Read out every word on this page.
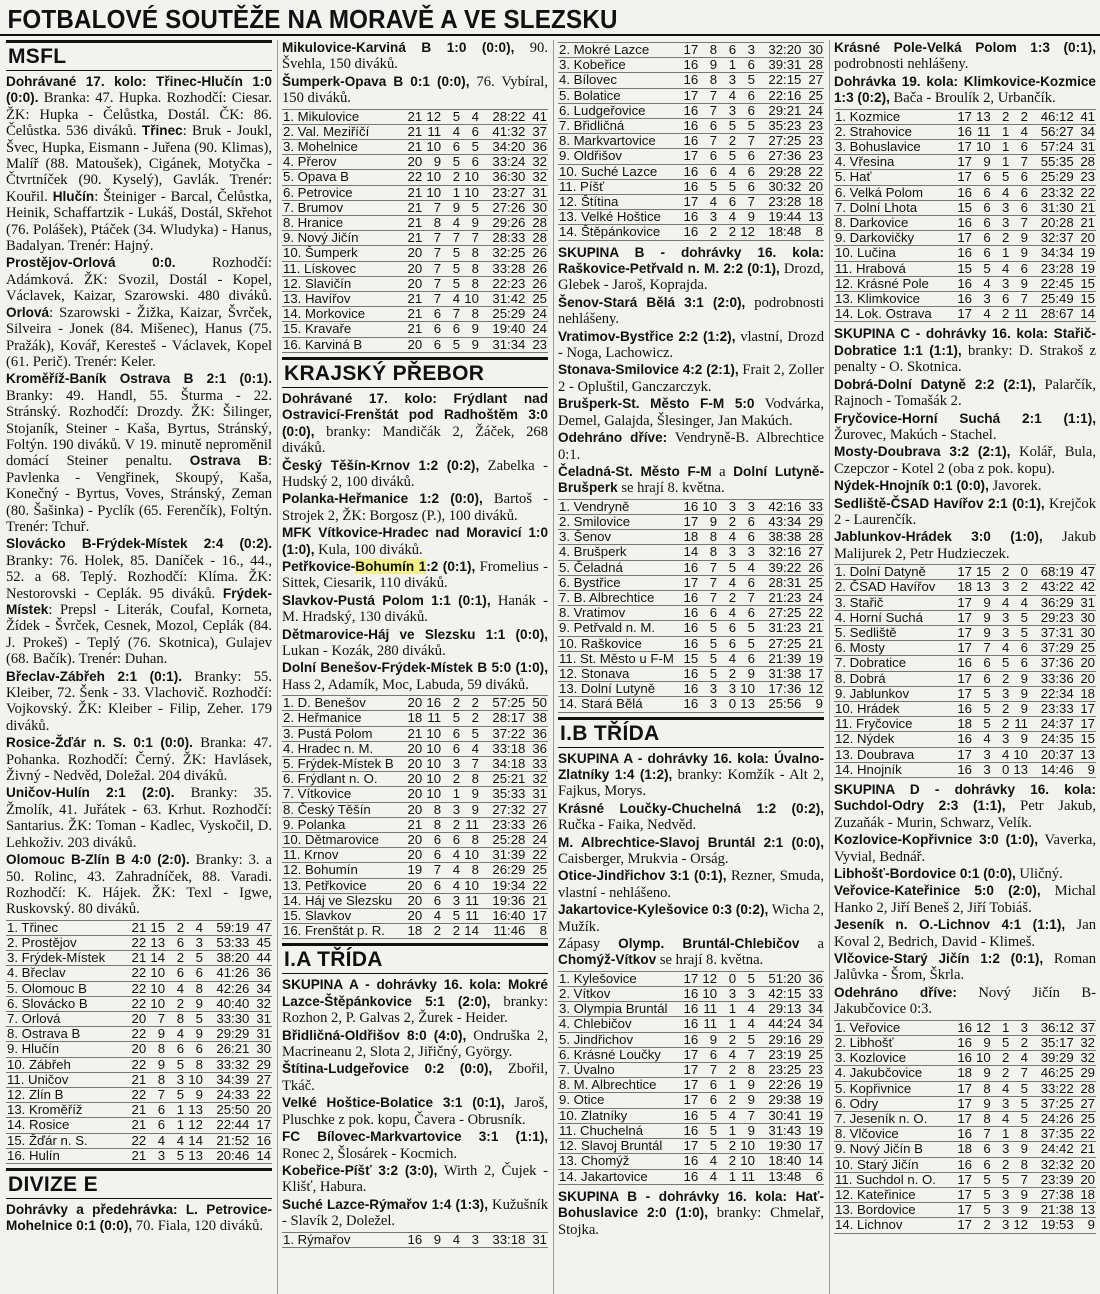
FOTBALOVÉ SOUTĚŽE NA MORAVĚ A VE SLEZSKU
MSFL

Dohrávané 17. kolo: Třinec-Hlučín 1:0 (0:0). Branka: 47. Hupka. Rozhodčí: Ciesar. ŽK: Hupka - Čelůstka, Dostál. ČK: 86. Čelůstka. 536 diváků. Třinec: Bruk - Joukl, Švec, Hupka, Eismann - Juřena (90. Klimas), Malíř (88. Matoušek), Cigánek, Motyčka - Čtvrtníček (90. Kyselý), Gavlák. Trenér: Kouřil. Hlučín: Šteiniger - Barcal, Čelůstka, Heinik, Schaffartzik - Lukáš, Dostál, Skřehot (76. Polášek), Ptáček (34. Wludyka) - Hanus, Badalyan. Trenér: Hajný.

Prostějov-Orlová 0:0. Rozhodčí: Adámková. ŽK: Svozil, Dostál - Kopel, Václavek, Kaizar, Szarowski. 480 diváků. Orlová: Szarowski - Žižka, Kaizar, Švrček, Silveira - Jonek (84. Mišenec), Hanus (75. Pražák), Kovář, Keresteš - Václavek, Kopel (61. Perič). Trenér: Keler.

Kroměříž-Baník Ostrava B 2:1 (0:1). Branky: 49. Handl, 55. Šturma - 22. Stránský. Rozhodčí: Drozdy. ŽK: Šilinger, Stojaník, Steiner - Kaša, Byrtus, Stránský, Foltýn. 190 diváků. V 19. minutě neproměnil domácí Steiner penaltu. Ostrava B: Pavlenka - Vengřinek, Skoupý, Kaša, Konečný - Byrtus, Voves, Stránský, Zeman (80. Šašinka) - Pyclík (65. Ferenčík), Foltýn. Trenér: Tchuř.

Slovácko B-Frýdek-Místek 2:4 (0:2). Branky: 76. Holek, 85. Daníček - 16., 44., 52. a 68. Teplý. Rozhodčí: Klíma. ŽK: Nestorovski - Ceplák. 95 diváků. Frýdek-Místek: Prepsl - Literák, Coufal, Korneta, Žídek - Švrček, Cesnek, Mozol, Ceplák (84. J. Prokeš) - Teplý (76. Skotnica), Gulajev (68. Bačík). Trenér: Duhan.

Břeclav-Zábřeh 2:1 (0:1). Branky: 55. Kleiber, 72. Šenk - 33. Vlachovič. Rozhodčí: Vojkovský. ŽK: Kleiber - Filip, Zeher. 179 diváků.

Rosice-Žďár n. S. 0:1 (0:0). Branka: 47. Pohanka. Rozhodčí: Černý. ŽK: Havlásek, Živný - Nedvěd, Doležal. 204 diváků.

Uničov-Hulín 2:1 (2:0). Branky: 35. Žmolík, 41. Juřátek - 63. Krhut. Rozhodčí: Santarius. ŽK: Toman - Kadlec, Vyskočil, D. Lehkoživ. 203 diváků.

Olomouc B-Zlín B 4:0 (2:0). Branky: 3. a 50. Rolinc, 43. Zahradníček, 88. Varadi. Rozhodčí: K. Hájek. ŽK: Texl - Igwe, Ruskovský. 80 diváků.

1. Třinec	21	15	2	4	59:19	47
2. Prostějov	22	13	6	3	53:33	45
3. Frýdek-Místek	21	14	2	5	38:20	44
4. Břeclav	22	10	6	6	41:26	36
5. Olomouc B	22	10	4	8	42:26	34
6. Slovácko B	22	10	2	9	40:40	32
7. Orlová	20	7	8	5	33:30	31
8. Ostrava B	22	9	4	9	29:29	31
9. Hlučín	20	8	6	6	26:21	30
10. Zábřeh	22	9	5	8	33:32	29
11. Uničov	21	8	3	10	34:39	27
12. Zlín B	22	7	5	9	24:33	22
13. Kroměříž	21	6	1	13	25:50	20
14. Rosice	21	6	1	12	22:44	17
15. Žďár n. S.	22	4	4	14	21:52	16
16. Hulín	21	3	5	13	20:46	14
DIVIZE E

Dohrávky a předehrávka: L. Petrovice-Mohelnice 0:1 (0:0), 70. Fiala, 120 diváků.

Mikulovice-Karviná B 1:0 (0:0), 90. Švehla, 150 diváků.

Šumperk-Opava B 0:1 (0:0), 76. Vybíral, 150 diváků.

1. Mikulovice	21	12	5	4	28:22	41
2. Val. Meziříčí	21	11	4	6	41:32	37
3. Mohelnice	21	10	6	5	34:20	36
4. Přerov	20	9	5	6	33:24	32
5. Opava B	22	10	2	10	36:30	32
6. Petrovice	21	10	1	10	23:27	31
7. Brumov	21	7	9	5	27:26	30
8. Hranice	21	8	4	9	29:26	28
9. Nový Jičín	21	7	7	7	28:33	28
10. Šumperk	20	7	5	8	32:25	26
11. Lískovec	20	7	5	8	33:28	26
12. Slavičín	20	7	5	8	22:23	26
13. Havířov	21	7	4	10	31:42	25
14. Morkovice	21	6	7	8	25:29	24
15. Kravaře	21	6	6	9	19:40	24
16. Karviná B	20	6	5	9	31:34	23
KRAJSKÝ PŘEBOR

Dohrávané 17. kolo: Frýdlant nad Ostravicí-Frenštát pod Radhoštěm 3:0 (0:0), branky: Mandičák 2, Žáček, 268 diváků.

Český Těšín-Krnov 1:2 (0:2), Zabelka - Hudský 2, 100 diváků.

Polanka-Heřmanice 1:2 (0:0), Bartoš - Strojek 2, ŽK: Borgosz (P.), 100 diváků.

MFK Vítkovice-Hradec nad Moravicí 1:0 (1:0), Kula, 100 diváků.

Petřkovice-Bohumín 1:2 (0:1), Fromelius - Sittek, Ciesarik, 110 diváků.

Slavkov-Pustá Polom 1:1 (0:1), Hanák - M. Hradský, 130 diváků.

Dětmarovice-Háj ve Slezsku 1:1 (0:0), Lukan - Kozák, 280 diváků.

Dolní Benešov-Frýdek-Místek B 5:0 (1:0), Hass 2, Adamík, Moc, Labuda, 59 diváků.

1. D. Benešov	20	16	2	2	57:25	50
2. Heřmanice	18	11	5	2	28:17	38
3. Pustá Polom	21	10	6	5	37:22	36
4. Hradec n. M.	20	10	6	4	33:18	36
5. Frýdek-Místek B	20	10	3	7	34:18	33
6. Frýdlant n. O.	20	10	2	8	25:21	32
7. Vítkovice	20	10	1	9	35:33	31
8. Český Těšín	20	8	3	9	27:32	27
9. Polanka	21	8	2	11	23:33	26
10. Dětmarovice	20	6	6	8	25:28	24
11. Krnov	20	6	4	10	31:39	22
12. Bohumín	19	7	4	8	26:29	25
13. Petřkovice	20	6	4	10	19:34	22
14. Háj ve Slezsku	20	6	3	11	19:36	21
15. Slavkov	20	4	5	11	16:40	17
16. Frenštát p. R.	18	2	2	14	11:46	8
I.A TŘÍDA

SKUPINA A - dohrávky 16. kola: Mokré Lazce-Štěpánkovice 5:1 (2:0), branky: Rozhon 2, P. Galvas 2, Žurek - Heider.

Břidličná-Oldřišov 8:0 (4:0), Ondruška 2, Macrineanu 2, Slota 2, Jiřičný, György.

Štítina-Ludgeřovice 0:2 (0:0), Zbořil, Tkáč.

Velké Hoštice-Bolatice 3:1 (0:1), Jaroš, Pluschke z pok. kopu, Čavera - Obrusník.

FC Bílovec-Markvartovice 3:1 (1:1), Ronec 2, Šlosárek - Kocmich.

Kobeřice-Píšť 3:2 (3:0), Wirth 2, Čujek - Klišť, Habura.

Suché Lazce-Rýmařov 1:4 (1:3), Kužušník - Slavík 2, Doležel.

1. Rýmařov	16	9	4	3	33:18	31
2. Mokré Lazce	17	8	6	3	32:20	30
3. Kobeřice	16	9	1	6	39:31	28
4. Bílovec	16	8	3	5	22:15	27
5. Bolatice	17	7	4	6	22:16	25
6. Ludgeřovice	16	7	3	6	29:21	24
7. Břidličná	16	6	5	5	35:23	23
8. Markvartovice	16	7	2	7	27:25	23
9. Oldřišov	17	6	5	6	27:36	23
10. Suché Lazce	16	6	4	6	29:28	22
11. Píšť	16	5	5	6	30:32	20
12. Štítina	17	4	6	7	23:28	18
13. Velké Hoštice	16	3	4	9	19:44	13
14. Štěpánkovice	16	2	2	12	18:48	8

SKUPINA B - dohrávky 16. kola: Raškovice-Petřvald n. M. 2:2 (0:1), Drozd, Glebek - Jaroš, Koprajda.

Šenov-Stará Bělá 3:1 (2:0), podrobnosti nehlášeny.

Vratimov-Bystřice 2:2 (1:2), vlastní, Drozd - Noga, Lachowicz.

Stonava-Smilovice 4:2 (2:1), Frait 2, Zoller 2 - Opluštil, Ganczarczyk.

Brušperk-St. Město F-M 5:0 Vodvárka, Demel, Galajda, Šlesinger, Jan Makúch.

Odehráno dříve: Vendryně-B. Albrechtice 0:1.

Čeladná-St. Město F-M a Dolní Lutyně-Brušperk se hrají 8. května.

1. Vendryně	16	10	3	3	42:16	33
2. Smilovice	17	9	2	6	43:34	29
3. Šenov	18	8	4	6	38:38	28
4. Brušperk	14	8	3	3	32:16	27
5. Čeladná	16	7	5	4	39:22	26
6. Bystřice	17	7	4	6	28:31	25
7. B. Albrechtice	16	7	2	7	21:23	24
8. Vratimov	16	6	4	6	27:25	22
9. Petřvald n. M.	16	5	6	5	31:23	21
10. Raškovice	16	5	6	5	27:25	21
11. St. Město u F-M	15	5	4	6	21:39	19
12. Stonava	16	5	2	9	31:38	17
13. Dolní Lutyně	16	3	3	10	17:36	12
14. Stará Bělá	16	3	0	13	25:56	9
I.B TŘÍDA

SKUPINA A - dohrávky 16. kola: Úvalno-Zlatníky 1:4 (1:2), branky: Komžík - Alt 2, Fajkus, Morys.

Krásné Loučky-Chuchelná 1:2 (0:2), Ručka - Faika, Nedvěd.

M. Albrechtice-Slavoj Bruntál 2:1 (0:0), Caisberger, Mrukvia - Orság.

Otice-Jindřichov 3:1 (0:1), Rezner, Smuda, vlastní - nehlášeno.

Jakartovice-Kylešovice 0:3 (0:2), Wicha 2, Mužík.

Zápasy Olymp. Bruntál-Chlebičov a Chomýž-Vítkov se hrají 8. května.

1. Kylešovice	17	12	0	5	51:20	36
2. Vítkov	16	10	3	3	42:15	33
3. Olympia Bruntál	16	11	1	4	29:13	34
4. Chlebičov	16	11	1	4	44:24	34
5. Jindřichov	16	9	2	5	29:16	29
6. Krásné Loučky	17	6	4	7	23:19	25
7. Úvalno	17	7	2	8	23:25	23
8. M. Albrechtice	17	6	1	9	22:26	19
9. Otice	17	6	2	9	29:38	19
10. Zlatníky	16	5	4	7	30:41	19
11. Chuchelná	16	5	1	9	31:43	19
12. Slavoj Bruntál	17	5	2	10	19:30	17
13. Chomýž	16	4	2	10	18:40	14
14. Jakartovice	16	4	1	11	13:48	6

SKUPINA B - dohrávky 16. kola: Hať-Bohuslavice 2:0 (1:0), branky: Chmelař, Stojka.

Krásné Pole-Velká Polom 1:3 (0:1), podrobnosti nehlášeny.

Dohrávka 19. kola: Klimkovice-Kozmice 1:3 (0:2), Bača - Broulík 2, Urbančík.

1. Kozmice	17	13	2	2	46:12	41
2. Strahovice	16	11	1	4	56:27	34
3. Bohuslavice	17	10	1	6	57:24	31
4. Vřesina	17	9	1	7	55:35	28
5. Hať	17	6	5	6	25:29	23
6. Velká Polom	16	6	4	6	23:32	22
7. Dolní Lhota	15	6	3	6	31:30	21
8. Darkovice	16	6	3	7	20:28	21
9. Darkovičky	17	6	2	9	32:37	20
10. Lučina	16	6	1	9	34:34	19
11. Hrabová	15	5	4	6	23:28	19
12. Krásné Pole	16	4	3	9	22:45	15
13. Klimkovice	16	3	6	7	25:49	15
14. Lok. Ostrava	17	4	2	11	28:67	14

SKUPINA C - dohrávky 16. kola: Stařič-Dobratice 1:1 (1:1), branky: D. Strakoš z penalty - O. Skotnica.

Dobrá-Dolní Datyně 2:2 (2:1), Palarčík, Rajnoch - Tomašák 2.

Fryčovice-Horní Suchá 2:1 (1:1), Žurovec, Makúch - Stachel.

Mosty-Doubrava 3:2 (2:1), Kolář, Bula, Czepczor - Kotel 2 (oba z pok. kopu).

Nýdek-Hnojník 0:1 (0:0), Javorek.

Sedliště-ČSAD Havířov 2:1 (0:1), Krejčok 2 - Laurenčík.

Jablunkov-Hrádek 3:0 (1:0), Jakub Malijurek 2, Petr Hudzieczek.

1. Dolní Datyně	17	15	2	0	68:19	47
2. ČSAD Havířov	18	13	3	2	43:22	42
3. Stařič	17	9	4	4	36:29	31
4. Horní Suchá	17	9	3	5	29:23	30
5. Sedliště	17	9	3	5	37:31	30
6. Mosty	17	7	4	6	37:29	25
7. Dobratice	16	6	5	6	37:36	20
8. Dobrá	17	6	2	9	33:36	20
9. Jablunkov	17	5	3	9	22:34	18
10. Hrádek	16	5	2	9	23:33	17
11. Fryčovice	18	5	2	11	24:37	17
12. Nýdek	16	4	3	9	24:35	15
13. Doubrava	17	3	4	10	20:37	13
14. Hnojník	16	3	0	13	14:46	9

SKUPINA D - dohrávky 16. kola: Suchdol-Odry 2:3 (1:1), Petr Jakub, Zuzaňák - Murin, Schwarz, Velík.

Kozlovice-Kopřivnice 3:0 (1:0), Vaverka, Vyvial, Bednář.

Libhošť-Bordovice 0:1 (0:0), Uličný.

Veřovice-Kateřinice 5:0 (2:0), Michal Hanko 2, Jiří Beneš 2, Jiří Tobiáš.

Jeseník n. O.-Lichnov 4:1 (1:1), Jan Koval 2, Bedrich, David - Klimeš.

Vlčovice-Starý Jičín 1:2 (0:1), Roman Jalůvka - Šrom, Škrla.

Odehráno dříve: Nový Jičín B-Jakubčovice 0:3.

1. Veřovice	16	12	1	3	36:12	37
2. Libhošť	16	9	5	2	35:17	32
3. Kozlovice	16	10	2	4	39:29	32
4. Jakubčovice	18	9	2	7	46:25	29
5. Kopřivnice	17	8	4	5	33:22	28
6. Odry	17	9	3	5	37:25	27
7. Jeseník n. O.	17	8	4	5	24:26	25
8. Vlčovice	16	7	1	8	37:35	22
9. Nový Jičín B	18	6	3	9	24:42	21
10. Starý Jičín	16	6	2	8	32:32	20
11. Suchdol n. O.	17	5	5	7	23:39	20
12. Kateřinice	17	5	3	9	27:38	18
13. Bordovice	17	5	3	9	21:38	13
14. Lichnov	17	2	3	12	19:53	9
